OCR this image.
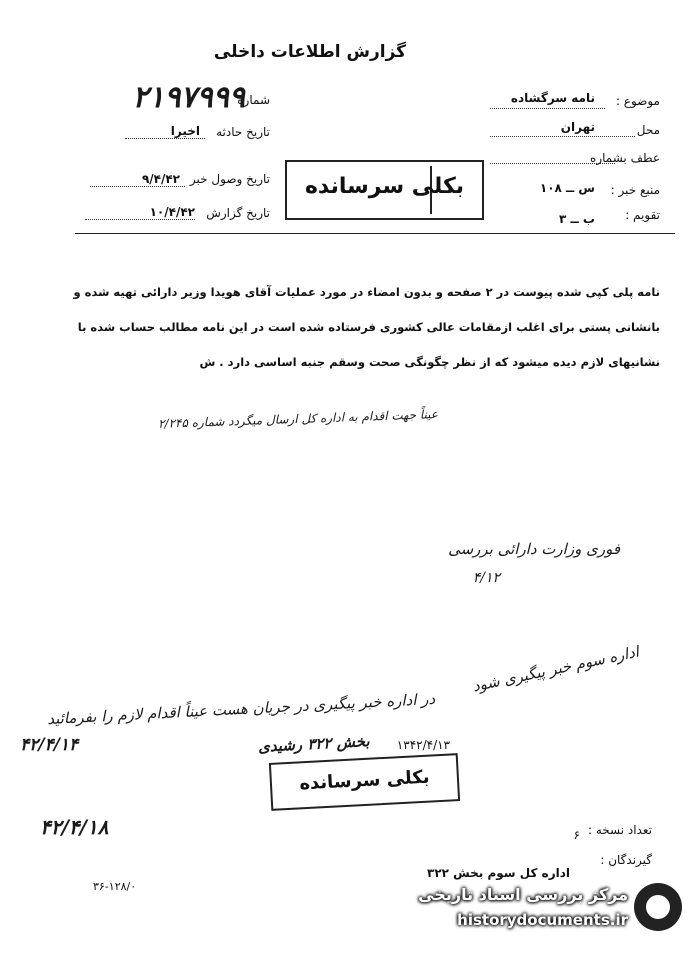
گزارش اطلاعات داخلی
موضوع :
نامه سرگشاده
محل
تهران
عطف بشماره
منبع خبر :
س ــ ۱۰۸
تقویم :
ب ــ ۳
شماره
۲۱۹۷۹۹۹
تاریخ حادثه
اخیرا
تاریخ وصول خبر
۹/۴/۴۲
تاریخ گزارش
۱۰/۴/۴۲
بکلی سرسانده
نامه پلی کپی شده پیوست در ۲ صفحه و بدون امضاء در مورد عملیات آقای هویدا وزیر دارائی تهیه شده و
بانشانی پستی برای اغلب ازمقامات عالی کشوری فرستاده شده است در این نامه مطالب حساب شده با
نشانیهای لازم دیده میشود که از نظر چگونگی صحت وسقم جنبه اساسی دارد . ش
عیناً جهت اقدام به اداره کل ارسال میگردد شماره ۲/۲۴۵
فوری وزارت دارائی بررسی
۴/۱۲
اداره سوم خبر پیگیری شود
در اداره خبر پیگیری در جریان هست عیناً اقدام لازم را بفرمائید
بخش ۳۲۲ رشیدی
بکلی سرسانده
۱۳۴۲/۴/۱۳
۴۲/۴/۱۴
۴۲/۴/۱۸	تعداد نسخه :
۶
گیرندگان :
اداره کل سوم بخش ۳۲۲
۳۶-۱۲۸/۰	مرکز بررسی اسناد تاریخی
historydocuments.ir
